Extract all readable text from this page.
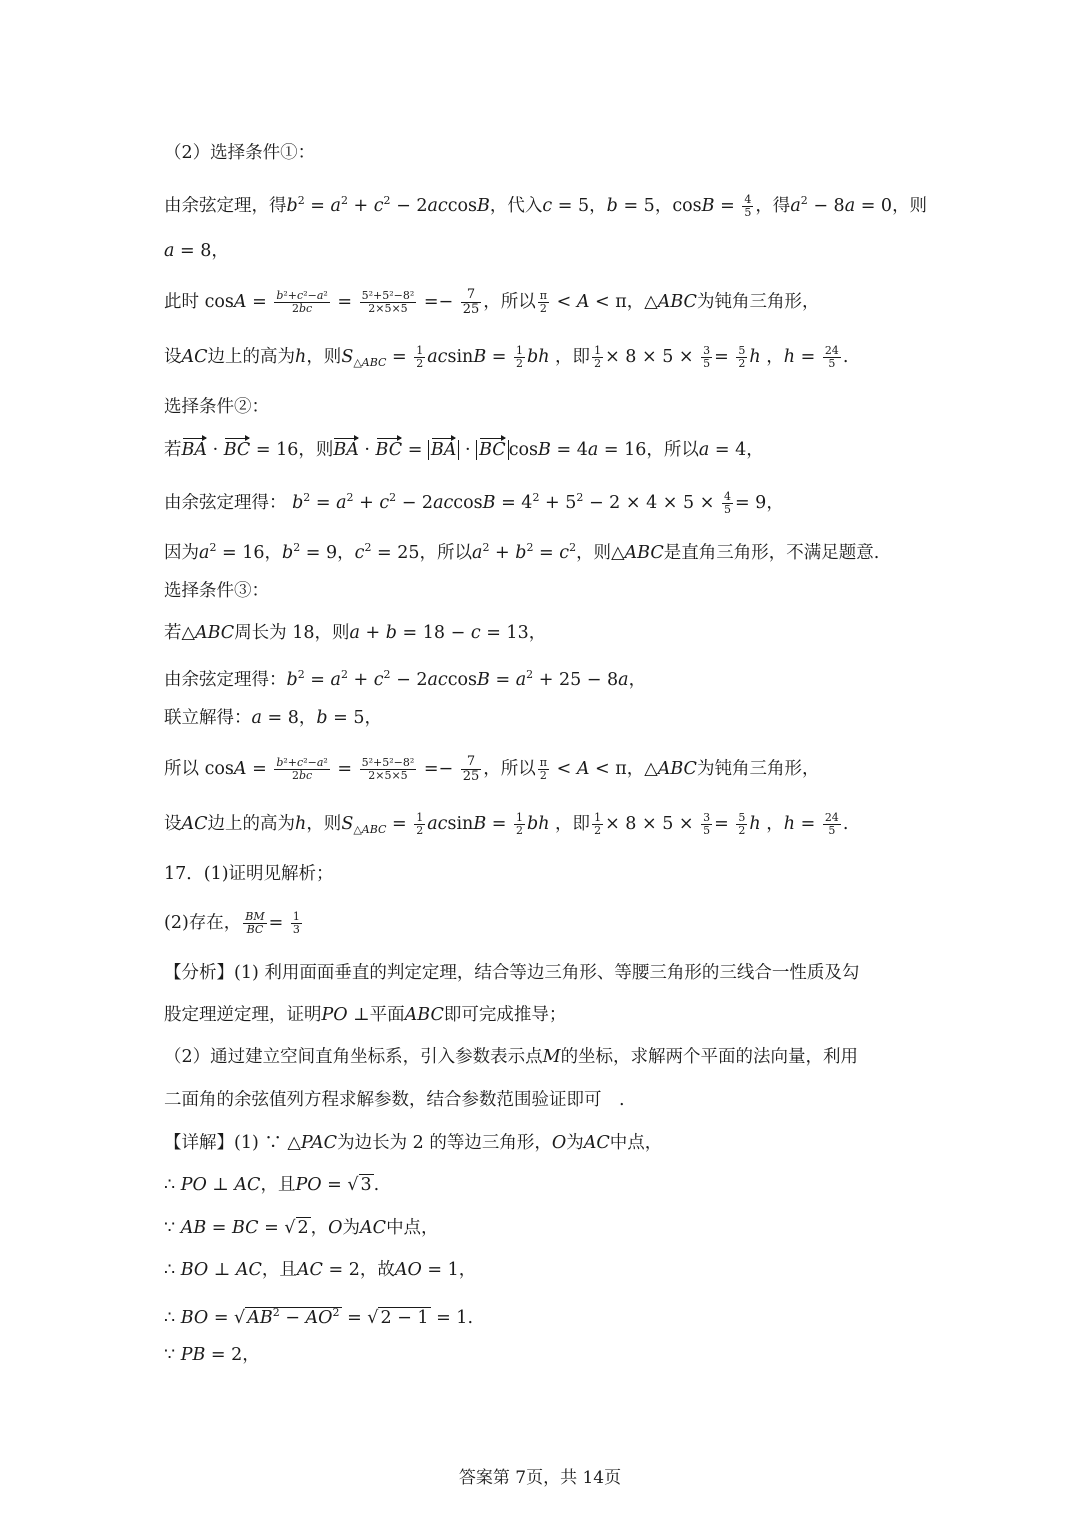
（2）选择条件①：
由余弦定理，得$b^2 = a^2 + c^2 - 2accosB$，代入c = 5，b = 5，$\cos B = \frac{4}{5}$ ，得$a^2 - 8a = 0$，则
a = 8，
此时 $\cos A = \frac{\text{b²+c²−a²}}{2bc} = \frac{\text{5²+5²−8²}}{2\times 5\times 5} =- \frac{7}{25}$ ，所以 $\frac{\pi}{2} < A < \pi$，△ABC为钝角三角形，
设AC边上的高为h，则$S_{\triangle ABC} = \frac{1}{2}$ $acsinB = \frac{1}{2}$ bh ，即 $\frac{1}{2} \times 8 \times 5 \times \frac{3}{5} = \frac{5}{2}$ h ，$h = \frac{24}{5}$ .
选择条件②：
若BA · BC = 16，则BA · BC = BA · BC cosB = 4a = 16，所以a = 4，
由余弦定理得： $b^2 = a^2 + c^2 - 2accosB = 4^2 + 5^2 - 2 \times 4 \times 5 \times \frac{4}{5} = 9$，
因为$a^2 = 16$，$b^2 = 9$，$c^2 = 25$，所以$a^2 + b^2 = c^2$，则△ABC是直角三角形，不满足题意.
选择条件③：
若△ABC周长为 18，则a + b = 18 − c = 13，
由余弦定理得：$b^2 = a^2 + c^2 - 2accosB = a^2 + 25 - 8a$，
联立解得：a = 8，b = 5，
所以 $\cos A = \frac{\text{b²+c²−a²}}{2bc} = \frac{\text{5²+5²−8²}}{2\times 5\times 5} =- \frac{7}{25}$ ，所以 $\frac{\pi}{2} < A < \pi$，△ABC为钝角三角形，
设AC边上的高为h，则$S_{\triangle ABC} = \frac{1}{2}$ $acsinB = \frac{1}{2}$ bh ，即 $\frac{1}{2} \times 8 \times 5 \times \frac{3}{5} = \frac{5}{2}$ h ，$h = \frac{24}{5}$ .
17．(1)证明见解析；
(2)存在， $\frac{BM}{BC} = \frac{1}{3}$
【分析】(1) 利用面面垂直的判定定理，结合等边三角形、等腰三角形的三线合一性质及勾
股定理逆定理，证明PO ⊥平面ABC即可完成推导；
（2）通过建立空间直角坐标系，引入参数表示点M的坐标，求解两个平面的法向量，利用
二面角的余弦值列方程求解参数，结合参数范围验证即可　.
【详解】(1) ∵ △PAC为边长为 2 的等边三角形，O为AC中点，
∴ PO ⊥ AC，且PO = √ 3 .
∵ AB = BC = √ 2 ，O为AC中点，
∴ BO ⊥ AC，且AC = 2，故AO = 1，
∴ BO = √ $AB^2 - AO^2$ = √ 2 − 1 = 1.
∵ PB = 2，
答案第 7页，共 14页
